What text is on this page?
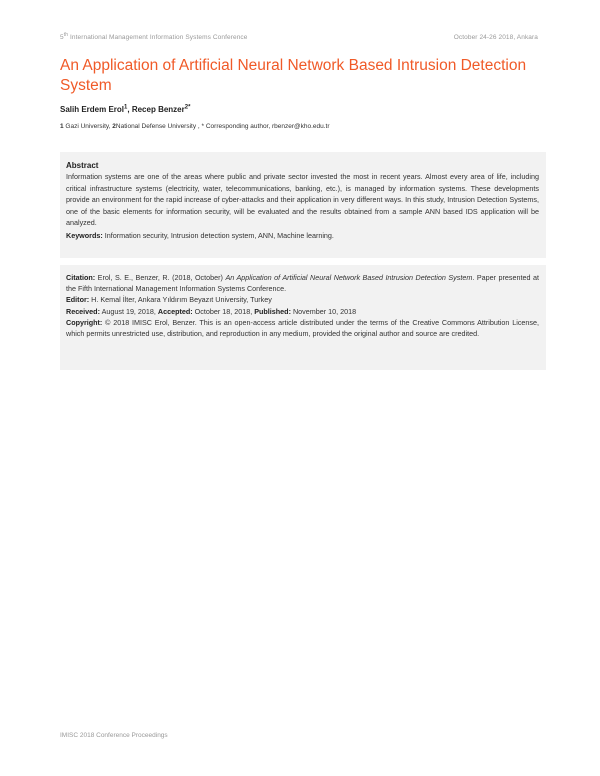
5th International Management Information Systems Conference	October 24-26 2018, Ankara
An Application of Artificial Neural Network Based Intrusion Detection System
Salih Erdem Erol$^1$, Recep Benzer$^{2*}$
1 Gazi University, 2National Defense University , * Corresponding author, rbenzer@kho.edu.tr
Abstract
Information systems are one of the areas where public and private sector invested the most in recent years. Almost every area of life, including critical infrastructure systems (electricity, water, telecommunications, banking, etc.), is managed by information systems. These developments provide an environment for the rapid increase of cyber-attacks and their application in very different ways. In this study, Intrusion Detection Systems, one of the basic elements for information security, will be evaluated and the results obtained from a sample ANN based IDS application will be analyzed.
Keywords: Information security, Intrusion detection system, ANN, Machine learning.
Citation: Erol, S. E., Benzer, R. (2018, October) An Application of Artificial Neural Network Based Intrusion Detection System. Paper presented at the Fifth International Management Information Systems Conference.
Editor: H. Kemal İlter, Ankara Yıldırım Beyazıt University, Turkey
Received: August 19, 2018, Accepted: October 18, 2018, Published: November 10, 2018
Copyright: © 2018 IMISC Erol, Benzer. This is an open-access article distributed under the terms of the Creative Commons Attribution License, which permits unrestricted use, distribution, and reproduction in any medium, provided the original author and source are credited.
IMISC 2018 Conference Proceedings
